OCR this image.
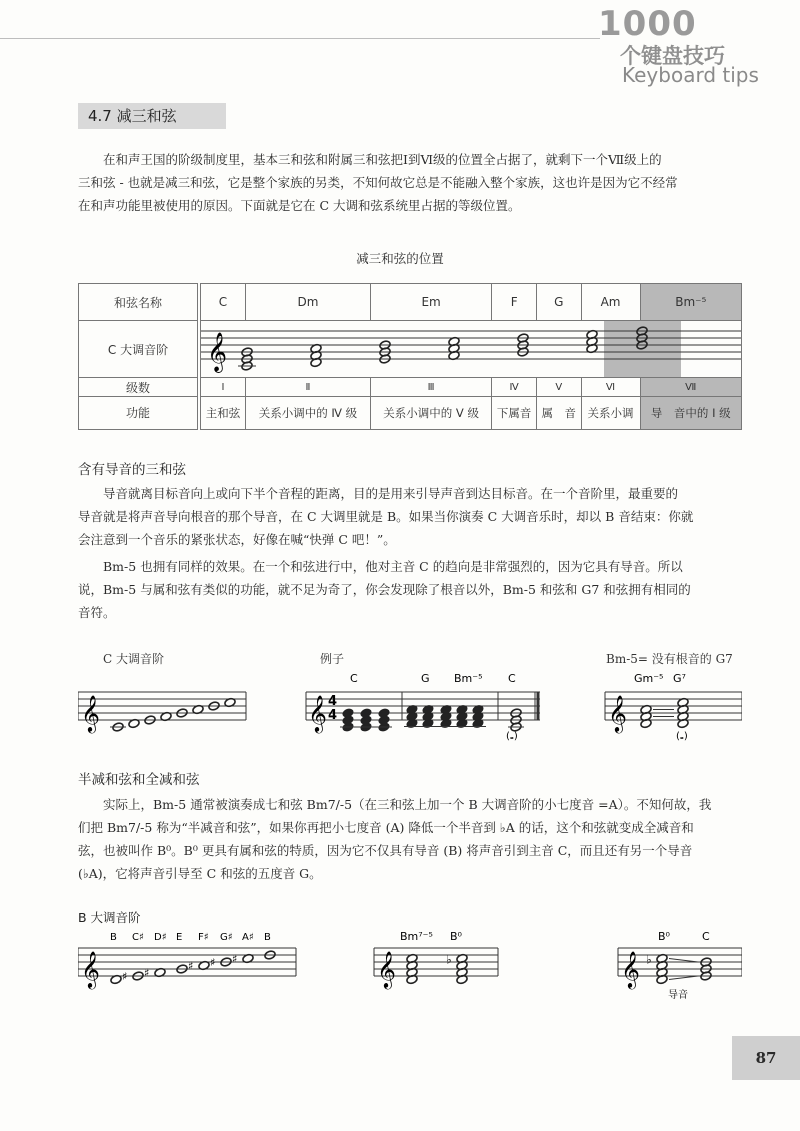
1000
个键盘技巧
Keyboard tips
4.7 减三和弦
在和声王国的阶级制度里，基本三和弦和附属三和弦把Ⅰ到Ⅵ级的位置全占据了，就剩下一个Ⅶ级上的
三和弦 - 也就是减三和弦，它是整个家族的另类，不知何故它总是不能融入整个家族，这也许是因为它不经常
在和声功能里被使用的原因。下面就是它在 C 大调和弦系统里占据的等级位置。
减三和弦的位置
和弦名称	C	Dm	Em	F	G	Am	Bm⁻⁵
C 大调音阶	𝄞						

级数	Ⅰ	Ⅱ	Ⅲ	Ⅳ	Ⅴ	Ⅵ	Ⅶ
功能	主和弦	关系小调中的 Ⅳ 级	关系小调中的 Ⅴ 级	下属音	属　音	关系小调	导　音中的 Ⅰ 级
含有导音的三和弦
导音就离目标音向上或向下半个音程的距离，目的是用来引导声音到达目标音。在一个音阶里，最重要的
导音就是将声音导向根音的那个导音，在 C 大调里就是 B。如果当你演奏 C 大调音乐时，却以 B 音结束：你就
会注意到一个音乐的紧张状态，好像在喊“快弹 C 吧！”。
Bm-5 也拥有同样的效果。在一个和弦进行中，他对主音 C 的趋向是非常强烈的，因为它具有导音。所以
说，Bm-5 与属和弦有类似的功能，就不足为奇了，你会发现除了根音以外，Bm-5 和弦和 G7 和弦拥有相同的
音符。
C 大调音阶	例子	Bm-5= 没有根音的 G7
𝄞	𝄞 4
4
C	G Bm⁻⁵ C
(𝅝)
𝄞
Gm⁻⁵ G⁷
(𝅝)
半减和弦和全减和弦
实际上，Bm-5 通常被演奏成七和弦 Bm7/-5（在三和弦上加一个 B 大调音阶的小七度音 =A）。不知何故，我
们把 Bm7/-5 称为“半减音和弦”，如果你再把小七度音 (A) 降低一个半音到 ♭A 的话，这个和弦就变成全减音和
弦，也被叫作 B⁰。B⁰ 更具有属和弦的特质，因为它不仅具有导音 (B) 将声音引到主音 C，而且还有另一个导音
(♭A)，它将声音引导至 C 和弦的五度音 G。
B 大调音阶
𝄞
B C♯ D♯ E F♯ G♯ A♯ B
♯ ♯
♯ ♯ ♯	𝄞
Bm⁷⁻⁵ B⁰
♭	𝄞
B⁰	C
♭
导音
87
